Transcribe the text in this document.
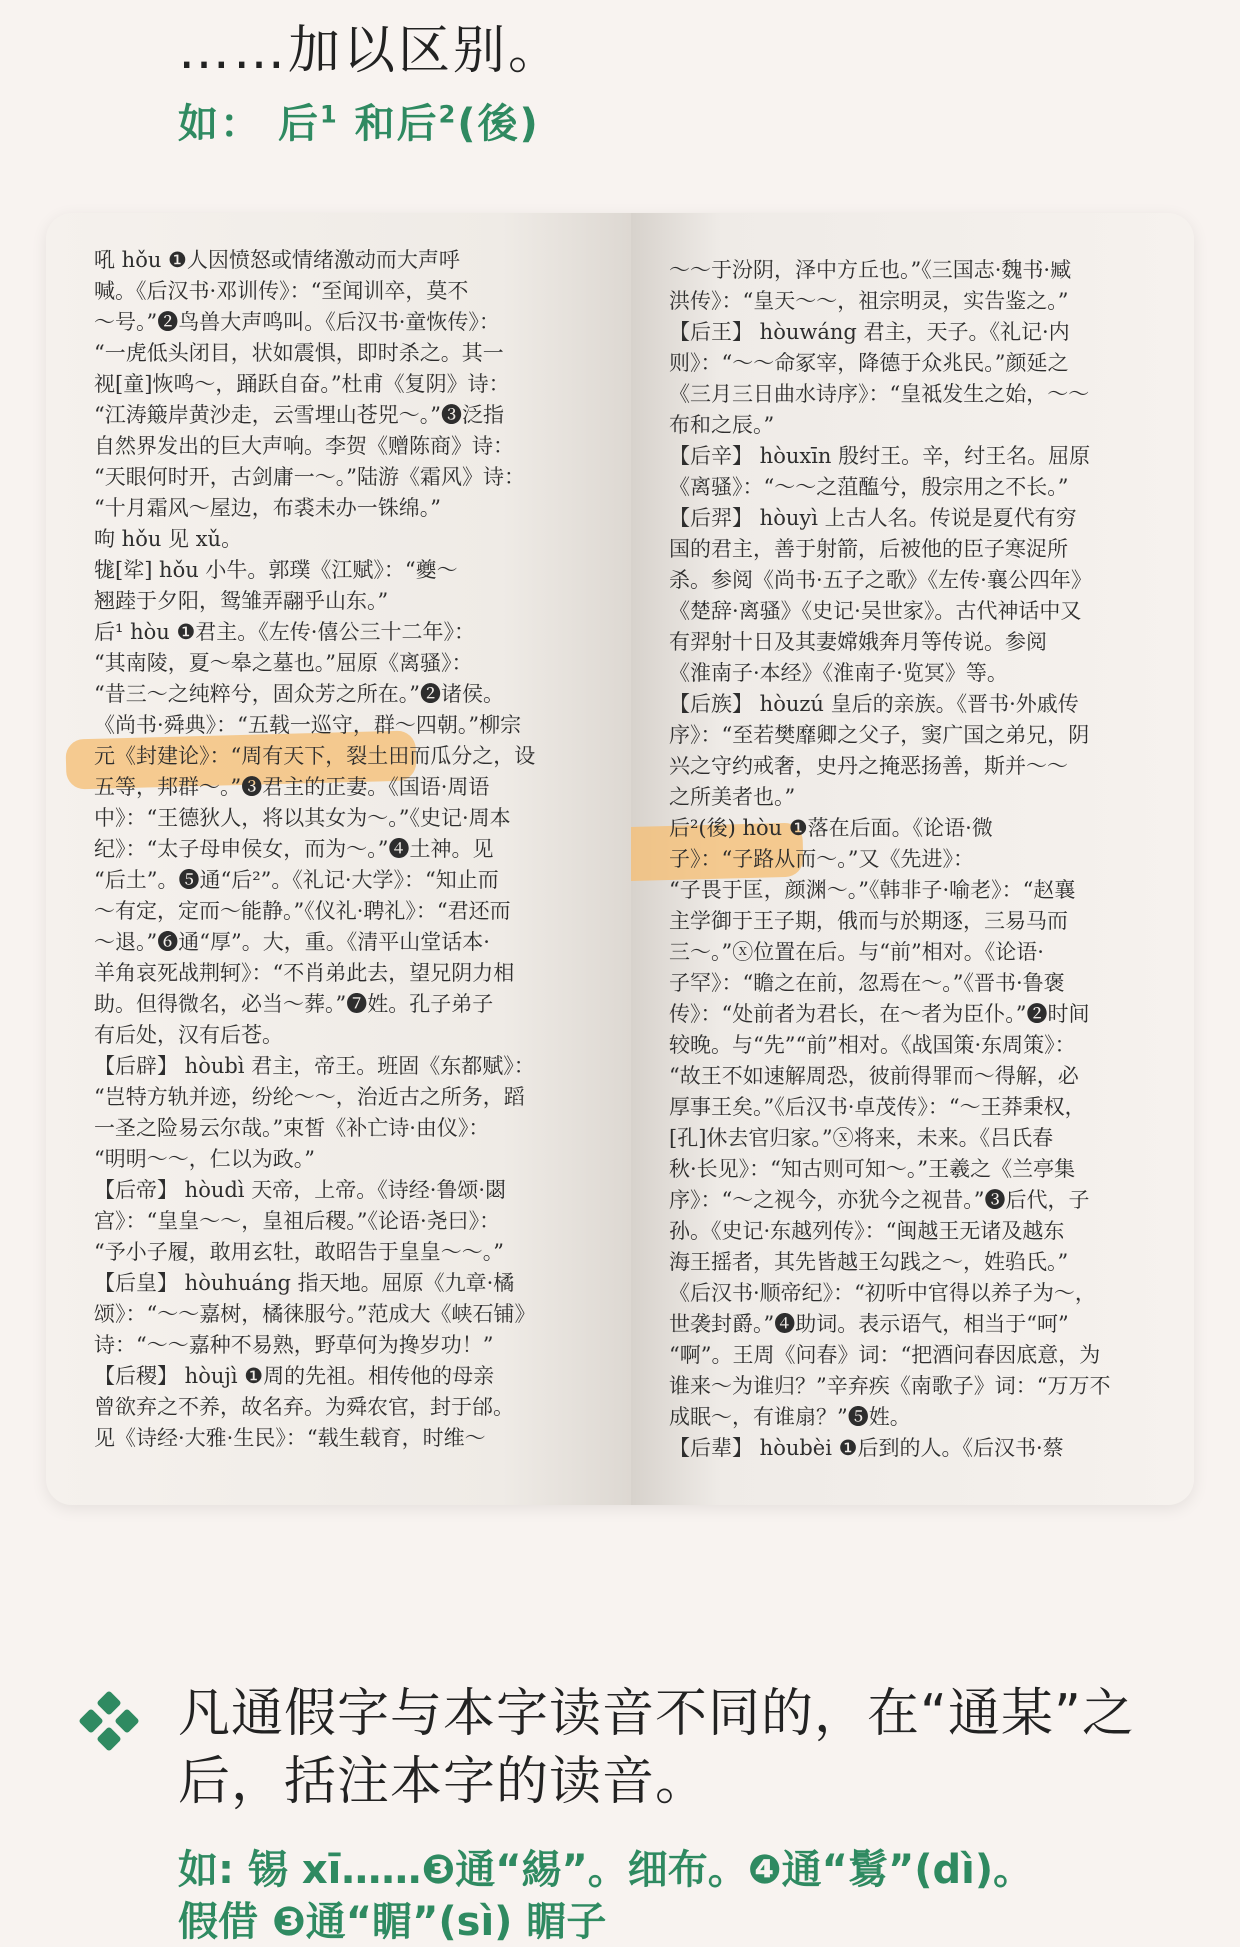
……加以区别。
如： 后$^1$ 和后$^2$(後)
吼 hǒu ❶人因愤怒或情绪激动而大声呼
喊。《后汉书·邓训传》：“至闻训卒，莫不
～号。”❷鸟兽大声鸣叫。《后汉书·童恢传》：
“一虎低头闭目，状如震惧，即时杀之。其一
视[童]恢鸣～，踊跃自奋。”杜甫《复阴》诗：
“江涛簸岸黄沙走，云雪埋山苍兕～。”❸泛指
自然界发出的巨大声响。李贺《赠陈商》诗：
“天眼何时开，古剑庸一～。”陆游《霜风》诗：
“十月霜风～屋边，布裘未办一铢绵。”
呴 hǒu 见 xǔ。
牻[㸺] hǒu 小牛。郭璞《江赋》：“夔～
翘踛于夕阳，鸳雏弄翮乎山东。”
后¹ hòu ❶君主。《左传·僖公三十二年》：
“其南陵，夏～皋之墓也。”屈原《离骚》：
“昔三～之纯粹兮，固众芳之所在。”❷诸侯。
《尚书·舜典》：“五载一巡守，群～四朝。”柳宗
元《封建论》：“周有天下，裂土田而瓜分之，设
五等，邦群～。”❸君主的正妻。《国语·周语
中》：“王德狄人，将以其女为～。”《史记·周本
纪》：“太子母申侯女，而为～。”❹土神。见
“后土”。❺通“后²”。《礼记·大学》：“知止而
～有定，定而～能静。”《仪礼·聘礼》：“君还而
～退。”❻通“厚”。大，重。《清平山堂话本·
羊角哀死战荆轲》：“不肖弟此去，望兄阴力相
助。但得微名，必当～葬。”❼姓。孔子弟子
有后处，汉有后苍。
【后辟】 hòubì 君主，帝王。班固《东都赋》：
“岂特方轨并迹，纷纶～～，治近古之所务，蹈
一圣之险易云尔哉。”束皙《补亡诗·由仪》：
“明明～～，仁以为政。”
【后帝】 hòudì 天帝，上帝。《诗经·鲁颂·閟
宫》：“皇皇～～，皇祖后稷。”《论语·尧曰》：
“予小子履，敢用玄牡，敢昭告于皇皇～～。”
【后皇】 hòuhuáng 指天地。屈原《九章·橘
颂》：“～～嘉树，橘徕服兮。”范成大《峡石铺》
诗：“～～嘉种不易熟，野草何为搀岁功！”
【后稷】 hòujì ❶周的先祖。相传他的母亲
曾欲弃之不养，故名弃。为舜农官，封于邰。
见《诗经·大雅·生民》：“载生载育，时维～
～～于汾阴，泽中方丘也。”《三国志·魏书·臧
洪传》：“皇天～～，祖宗明灵，实告鉴之。”
【后王】 hòuwáng 君主，天子。《礼记·内
则》：“～～命冢宰，降德于众兆民。”颜延之
《三月三日曲水诗序》：“皇祗发生之始，～～
布和之辰。”
【后辛】 hòuxīn 殷纣王。辛，纣王名。屈原
《离骚》：“～～之菹醢兮，殷宗用之不长。”
【后羿】 hòuyì 上古人名。传说是夏代有穷
国的君主，善于射箭，后被他的臣子寒浞所
杀。参阅《尚书·五子之歌》《左传·襄公四年》
《楚辞·离骚》《史记·吴世家》。古代神话中又
有羿射十日及其妻嫦娥奔月等传说。参阅
《淮南子·本经》《淮南子·览冥》等。
【后族】 hòuzú 皇后的亲族。《晋书·外戚传
序》：“至若樊靡卿之父子，窦广国之弟兄，阴
兴之守约戒奢，史丹之掩恶扬善，斯并～～
之所美者也。”
后²(後) hòu ❶落在后面。《论语·微
子》：“子路从而～。”又《先进》：
“子畏于匡，颜渊～。”《韩非子·喻老》：“赵襄
主学御于王子期，俄而与於期逐，三易马而
三～。”ⓧ位置在后。与“前”相对。《论语·
子罕》：“瞻之在前，忽焉在～。”《晋书·鲁褒
传》：“处前者为君长，在～者为臣仆。”❷时间
较晚。与“先”“前”相对。《战国策·东周策》：
“故王不如速解周恐，彼前得罪而～得解，必
厚事王矣。”《后汉书·卓茂传》：“～王莽秉权，
[孔]休去官归家。”ⓧ将来，未来。《吕氏春
秋·长见》：“知古则可知～。”王羲之《兰亭集
序》：“～之视今，亦犹今之视昔。”❸后代，子
孙。《史记·东越列传》：“闽越王无诸及越东
海王摇者，其先皆越王勾践之～，姓驺氏。”
《后汉书·顺帝纪》：“初听中官得以养子为～，
世袭封爵。”❹助词。表示语气，相当于“呵”
“啊”。王周《问春》词：“把酒问春因底意，为
谁来～为谁归？”辛弃疾《南歌子》词：“万万不
成眠～，有谁扇？”❺姓。
【后辈】 hòubèi ❶后到的人。《后汉书·蔡
凡通假字与本字读音不同的，在“通某”之后，括注本字的读音。
如: 锡 xī……❸通“緆”。细布。❹通“鬄”(dì)。
假借 ❸通“睸”(sì) 睸子
